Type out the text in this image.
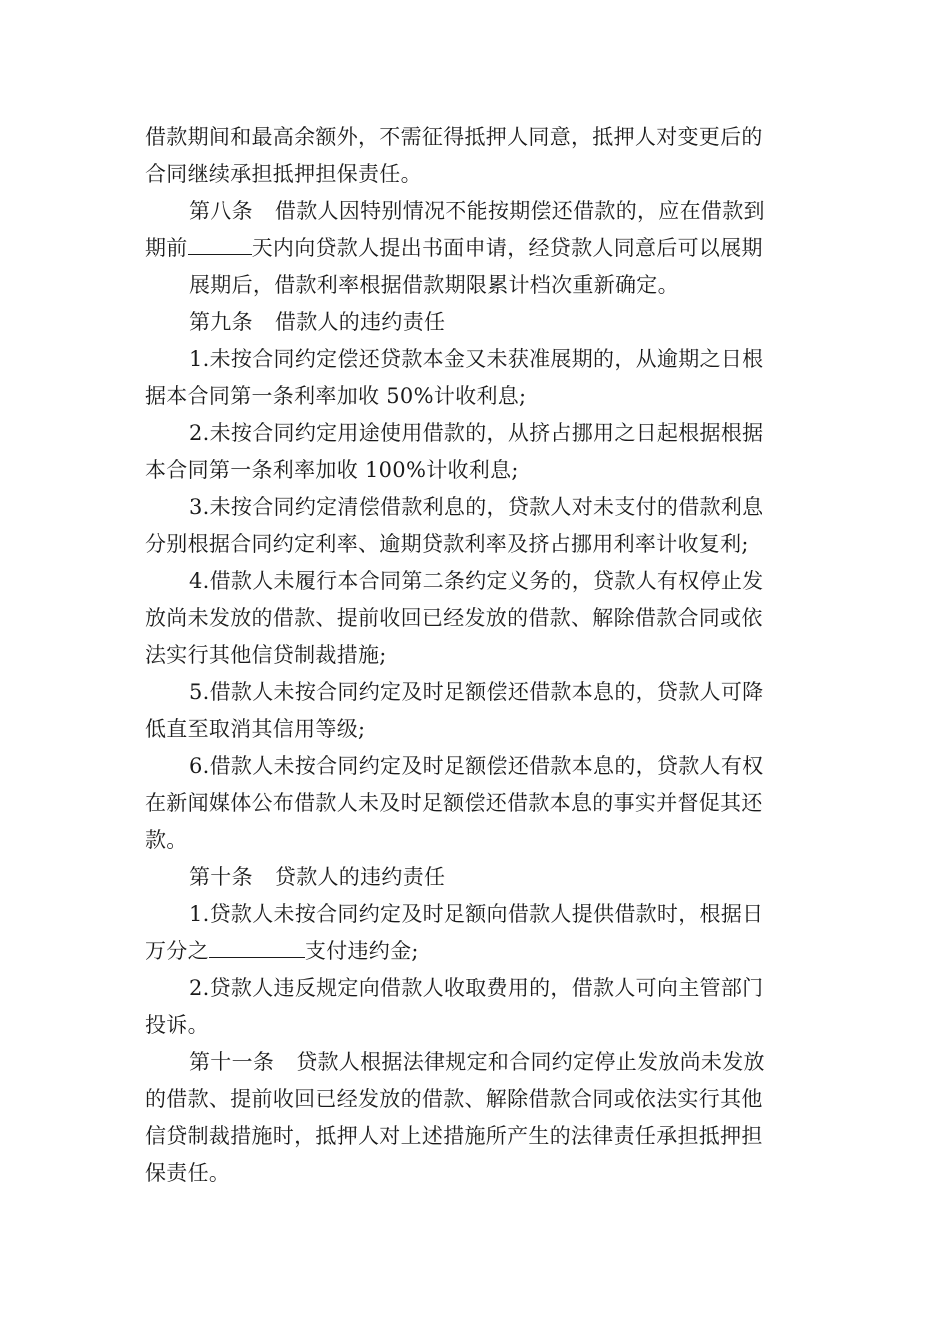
借款期间和最高余额外，不需征得抵押人同意，抵押人对变更后的
合同继续承担抵押担保责任。
第八条 借款人因特别情况不能按期偿还借款的，应在借款到
期前	天内向贷款人提出书面申请，经贷款人同意后可以展期
展期后，借款利率根据借款期限累计档次重新确定。
第九条 借款人的违约责任
1.未按合同约定偿还贷款本金又未获准展期的，从逾期之日根
据本合同第一条利率加收 50%计收利息;
2.未按合同约定用途使用借款的，从挤占挪用之日起根据根据
本合同第一条利率加收 100%计收利息;
3.未按合同约定清偿借款利息的，贷款人对未支付的借款利息
分别根据合同约定利率、逾期贷款利率及挤占挪用利率计收复利;
4.借款人未履行本合同第二条约定义务的，贷款人有权停止发
放尚未发放的借款、提前收回已经发放的借款、解除借款合同或依
法实行其他信贷制裁措施;
5.借款人未按合同约定及时足额偿还借款本息的，贷款人可降
低直至取消其信用等级;
6.借款人未按合同约定及时足额偿还借款本息的，贷款人有权
在新闻媒体公布借款人未及时足额偿还借款本息的事实并督促其还
款。
第十条 贷款人的违约责任
1.贷款人未按合同约定及时足额向借款人提供借款时，根据日
万分之	支付违约金;
2.贷款人违反规定向借款人收取费用的，借款人可向主管部门
投诉。
第十一条 贷款人根据法律规定和合同约定停止发放尚未发放
的借款、提前收回已经发放的借款、解除借款合同或依法实行其他
信贷制裁措施时，抵押人对上述措施所产生的法律责任承担抵押担
保责任。
